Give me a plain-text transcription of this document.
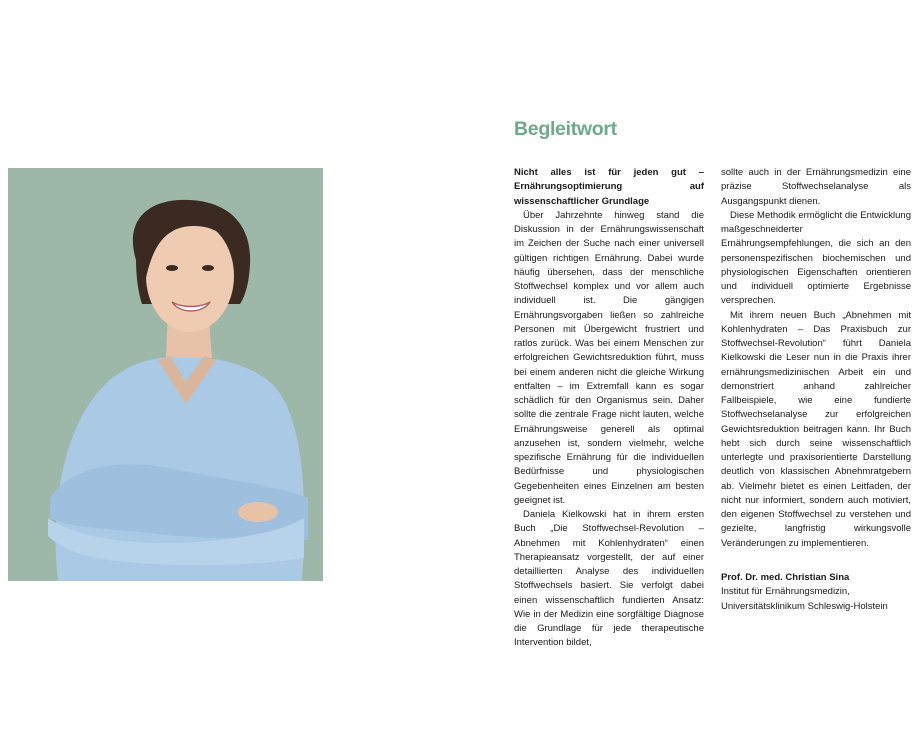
Begleitwort
Nicht alles ist für jeden gut – Ernährungsoptimierung auf wissenschaftlicher Grundlage

Über Jahrzehnte hinweg stand die Diskussion in der Ernährungswissenschaft im Zeichen der Suche nach einer universell gültigen richtigen Ernährung. Dabei wurde häufig übersehen, dass der menschliche Stoffwechsel komplex und vor allem auch individuell ist. Die gängigen Ernährungsvorgaben ließen so zahlreiche Personen mit Übergewicht frustriert und ratlos zurück. Was bei einem Menschen zur erfolgreichen Gewichtsreduktion führt, muss bei einem anderen nicht die gleiche Wirkung entfalten – im Extremfall kann es sogar schädlich für den Organismus sein. Daher sollte die zentrale Frage nicht lauten, welche Ernährungsweise generell als optimal anzusehen ist, sondern vielmehr, welche spezifische Ernährung für die individuellen Bedürfnisse und physiologischen Gegebenheiten eines Einzelnen am besten geeignet ist.

Daniela Kielkowski hat in ihrem ersten Buch „Die Stoffwechsel-Revolution – Abnehmen mit Kohlenhydraten“ einen Therapieansatz vorgestellt, der auf einer detaillierten Analyse des individuellen Stoffwechsels basiert. Sie verfolgt dabei einen wissenschaftlich fundierten Ansatz: Wie in der Medizin eine sorgfältige Diagnose die Grundlage für jede therapeutische Intervention bildet,

sollte auch in der Ernährungsmedizin eine präzise Stoffwechselanalyse als Ausgangspunkt dienen.

Diese Methodik ermöglicht die Entwicklung maßgeschneiderter Ernährungsempfehlungen, die sich an den personenspezifischen biochemischen und physiologischen Eigenschaften orientieren und individuell optimierte Ergebnisse versprechen.

Mit ihrem neuen Buch „Abnehmen mit Kohlenhydraten – Das Praxisbuch zur Stoffwechsel-Revolution“ führt Daniela Kielkowski die Leser nun in die Praxis ihrer ernährungsmedizinischen Arbeit ein und demonstriert anhand zahlreicher Fallbeispiele, wie eine fundierte Stoffwechselanalyse zur erfolgreichen Gewichtsreduktion beitragen kann. Ihr Buch hebt sich durch seine wissenschaftlich unterlegte und praxisorientierte Darstellung deutlich von klassischen Abnehmratgebern ab. Vielmehr bietet es einen Leitfaden, der nicht nur informiert, sondern auch motiviert, den eigenen Stoffwechsel zu verstehen und gezielte, langfristig wirkungsvolle Veränderungen zu implementieren.

Prof. Dr. med. Christian Sina
Institut für Ernährungsmedizin,
Universitätsklinikum Schleswig-Holstein
